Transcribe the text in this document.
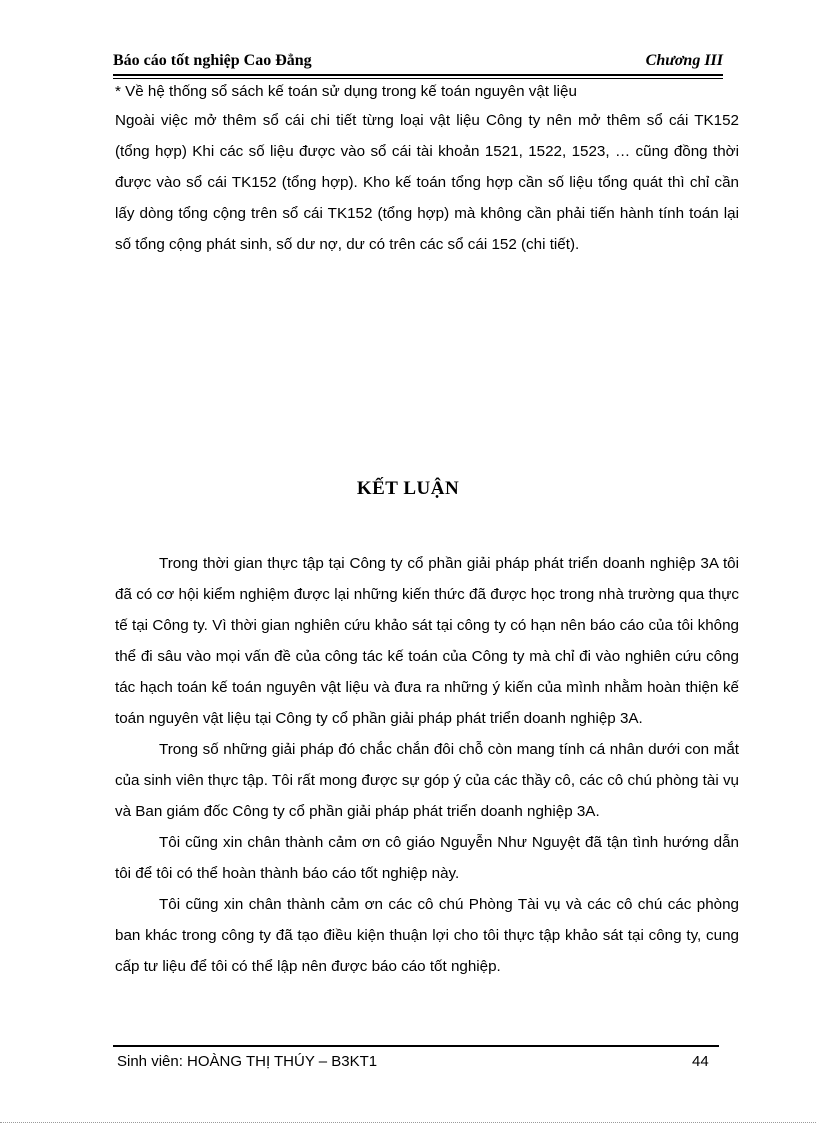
Báo cáo tốt nghiệp Cao Đẳng	Chương III

* Về hệ thống sổ sách kế toán sử dụng trong kế toán nguyên vật liệu

Ngoài việc mở thêm sổ cái chi tiết từng loại vật liệu Công ty nên mở thêm sổ cái TK152 (tổng hợp) Khi các số liệu được vào sổ cái tài khoản 1521, 1522, 1523, … cũng đồng thời được vào sổ cái TK152 (tổng hợp). Kho kế toán tổng hợp cần số liệu tổng quát thì chỉ cần lấy dòng tổng cộng trên sổ cái TK152 (tổng hợp) mà không cần phải tiến hành tính toán lại số tổng cộng phát sinh, số dư nợ, dư có trên các sổ cái 152 (chi tiết).

KẾT LUẬN

Trong thời gian thực tập tại Công ty cổ phần giải pháp phát triển doanh nghiệp 3A tôi đã có cơ hội kiểm nghiệm được lại những kiến thức đã được học trong nhà trường qua thực tế tại Công ty. Vì thời gian nghiên cứu khảo sát tại công ty có hạn nên báo cáo của tôi không thể đi sâu vào mọi vấn đề của công tác kế toán của Công ty mà chỉ đi vào nghiên cứu công tác hạch toán kế toán nguyên vật liệu và đưa ra những ý kiến của mình nhằm hoàn thiện kế toán nguyên vật liệu tại Công ty cổ phần giải pháp phát triển doanh nghiệp 3A.

Trong số những giải pháp đó chắc chắn đôi chỗ còn mang tính cá nhân dưới con mắt của sinh viên thực tập. Tôi rất mong được sự góp ý của các thầy cô, các cô chú phòng tài vụ và Ban giám đốc Công ty cổ phần giải pháp phát triển doanh nghiệp 3A.

Tôi cũng xin chân thành cảm ơn cô giáo Nguyễn Như Nguyệt đã tận tình hướng dẫn tôi để tôi có thể hoàn thành báo cáo tốt nghiệp này.

Tôi cũng xin chân thành cảm ơn các cô chú Phòng Tài vụ và các cô chú các phòng ban khác trong công ty đã tạo điều kiện thuận lợi cho tôi thực tập khảo sát tại công ty, cung cấp tư liệu để tôi có thể lập nên được báo cáo tốt nghiệp.

Sinh viên: HOÀNG THỊ THÚY – B3KT1	44
